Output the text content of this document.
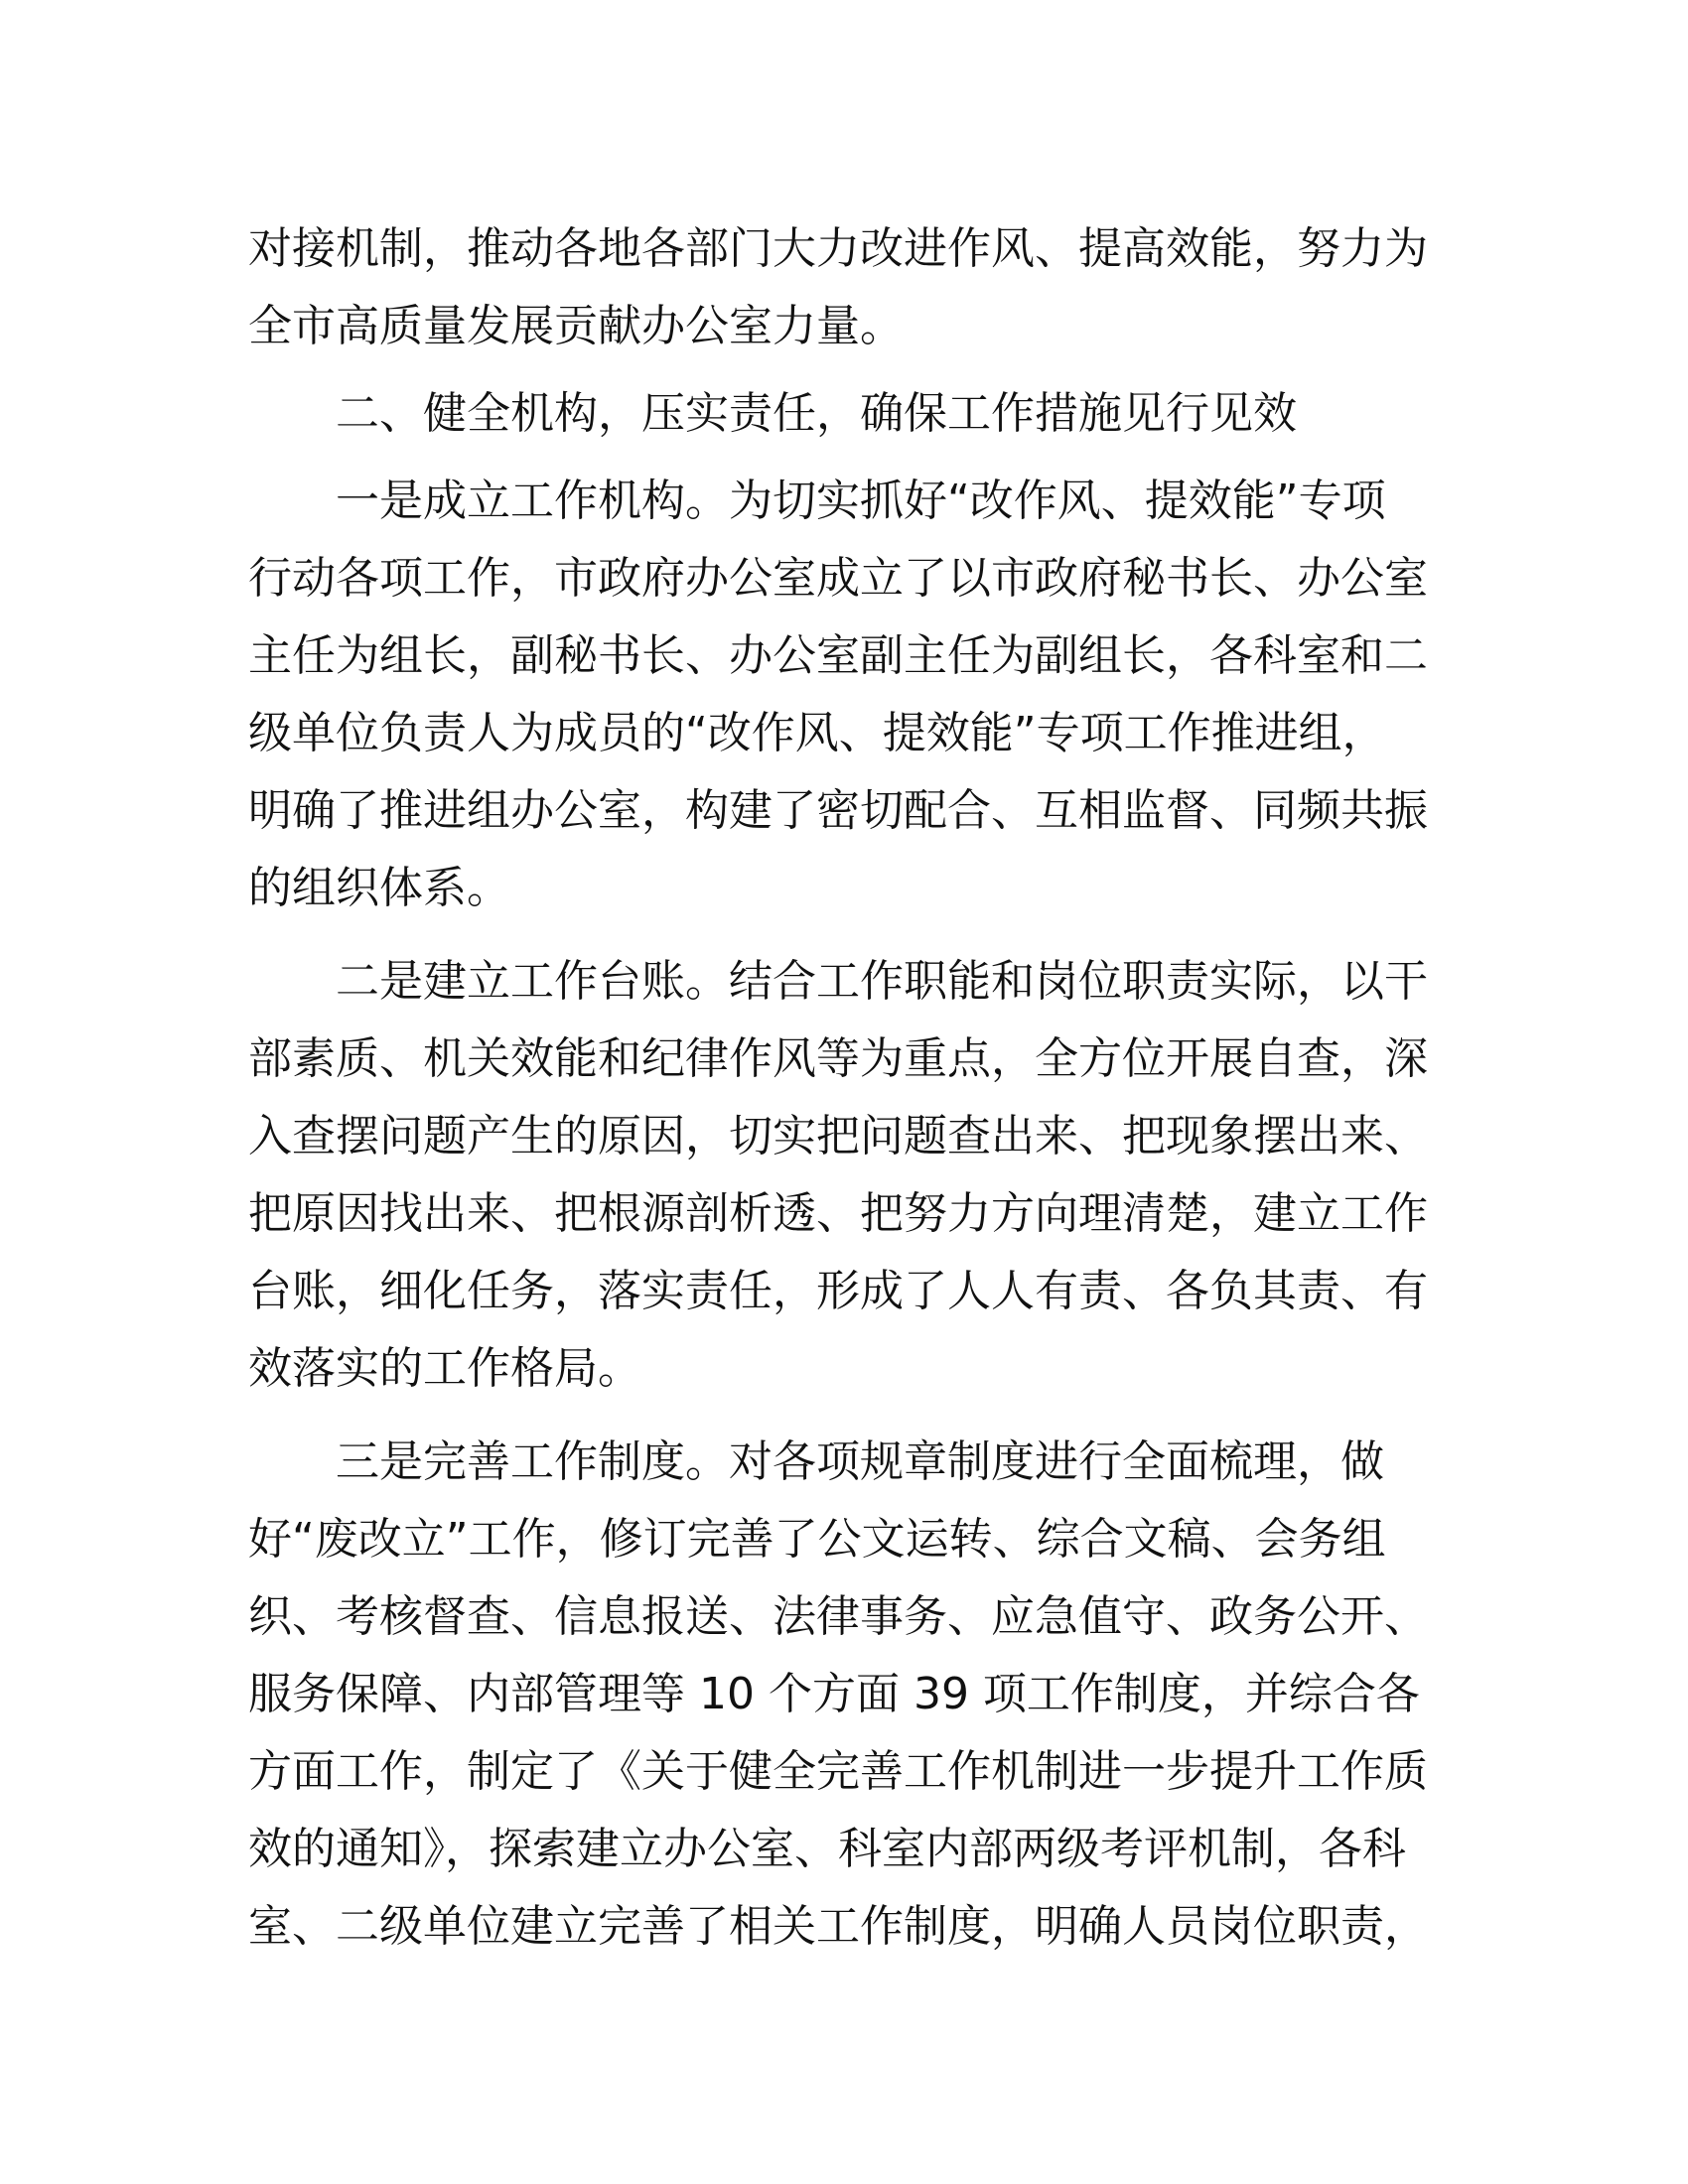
对接机制，推动各地各部门大力改进作风、提高效能，努力为
全市高质量发展贡献办公室力量。
二、健全机构，压实责任，确保工作措施见行见效
一是成立工作机构。为切实抓好“改作风、提效能”专项
行动各项工作，市政府办公室成立了以市政府秘书长、办公室
主任为组长，副秘书长、办公室副主任为副组长，各科室和二
级单位负责人为成员的“改作风、提效能”专项工作推进组，
明确了推进组办公室，构建了密切配合、互相监督、同频共振
的组织体系。
二是建立工作台账。结合工作职能和岗位职责实际，以干
部素质、机关效能和纪律作风等为重点，全方位开展自查，深
入查摆问题产生的原因，切实把问题查出来、把现象摆出来、
把原因找出来、把根源剖析透、把努力方向理清楚，建立工作
台账，细化任务，落实责任，形成了人人有责、各负其责、有
效落实的工作格局。
三是完善工作制度。对各项规章制度进行全面梳理，做
好“废改立”工作，修订完善了公文运转、综合文稿、会务组
织、考核督查、信息报送、法律事务、应急值守、政务公开、
服务保障、内部管理等 10 个方面 39 项工作制度，并综合各
方面工作，制定了《关于健全完善工作机制进一步提升工作质
效的通知》，探索建立办公室、科室内部两级考评机制，各科
室、二级单位建立完善了相关工作制度，明确人员岗位职责，
